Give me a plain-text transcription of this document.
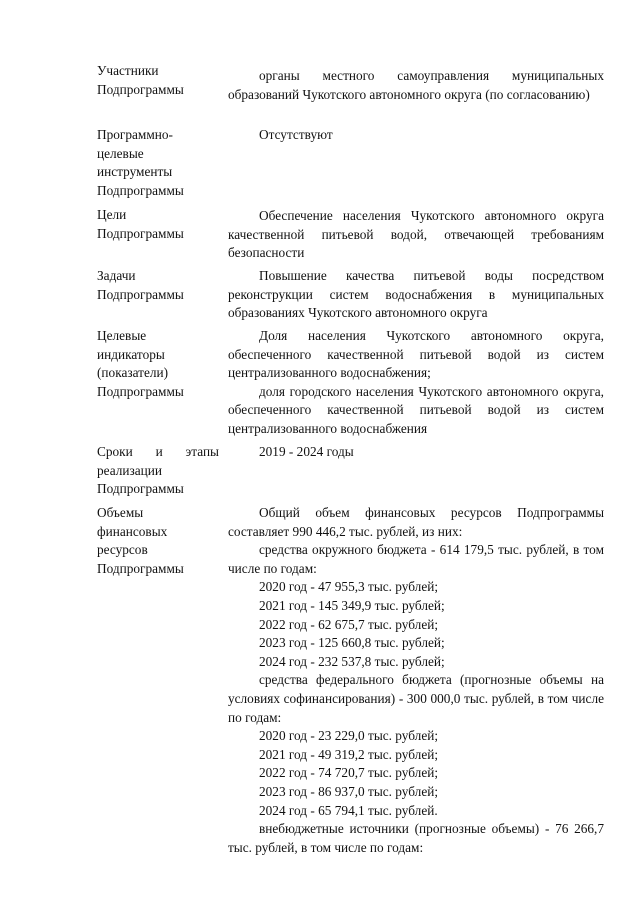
Участники
Подпрограммы
органы местного самоуправления муниципальных образований Чукотского автономного округа (по согласованию)
Программно-
целевые
инструменты
Подпрограммы
Отсутствуют
Цели
Подпрограммы
Обеспечение населения Чукотского автономного округа качественной питьевой водой, отвечающей требованиям безопасности
Задачи
Подпрограммы
Повышение качества питьевой воды посредством реконструкции систем водоснабжения в муниципальных образованиях Чукотского автономного округа
Целевые
индикаторы
(показатели)
Подпрограммы
Доля населения Чукотского автономного округа, обеспеченного качественной питьевой водой из систем централизованного водоснабжения;
доля городского населения Чукотского автономного округа, обеспеченного качественной питьевой водой из систем централизованного водоснабжения
Сроки и этапы
реализации
Подпрограммы
2019 - 2024 годы
Объемы
финансовых
ресурсов
Подпрограммы
Общий объем финансовых ресурсов Подпрограммы составляет 990 446,2 тыс. рублей, из них:
средства окружного бюджета - 614 179,5 тыс. рублей, в том числе по годам:
2020 год - 47 955,3 тыс. рублей;
2021 год - 145 349,9 тыс. рублей;
2022 год - 62 675,7 тыс. рублей;
2023 год - 125 660,8 тыс. рублей;
2024 год - 232 537,8 тыс. рублей;
средства федерального бюджета (прогнозные объемы на условиях софинансирования) - 300 000,0 тыс. рублей, в том числе по годам:
2020 год - 23 229,0 тыс. рублей;
2021 год - 49 319,2 тыс. рублей;
2022 год - 74 720,7 тыс. рублей;
2023 год - 86 937,0 тыс. рублей;
2024 год - 65 794,1 тыс. рублей.
внебюджетные источники (прогнозные объемы) - 76 266,7 тыс. рублей, в том числе по годам:
